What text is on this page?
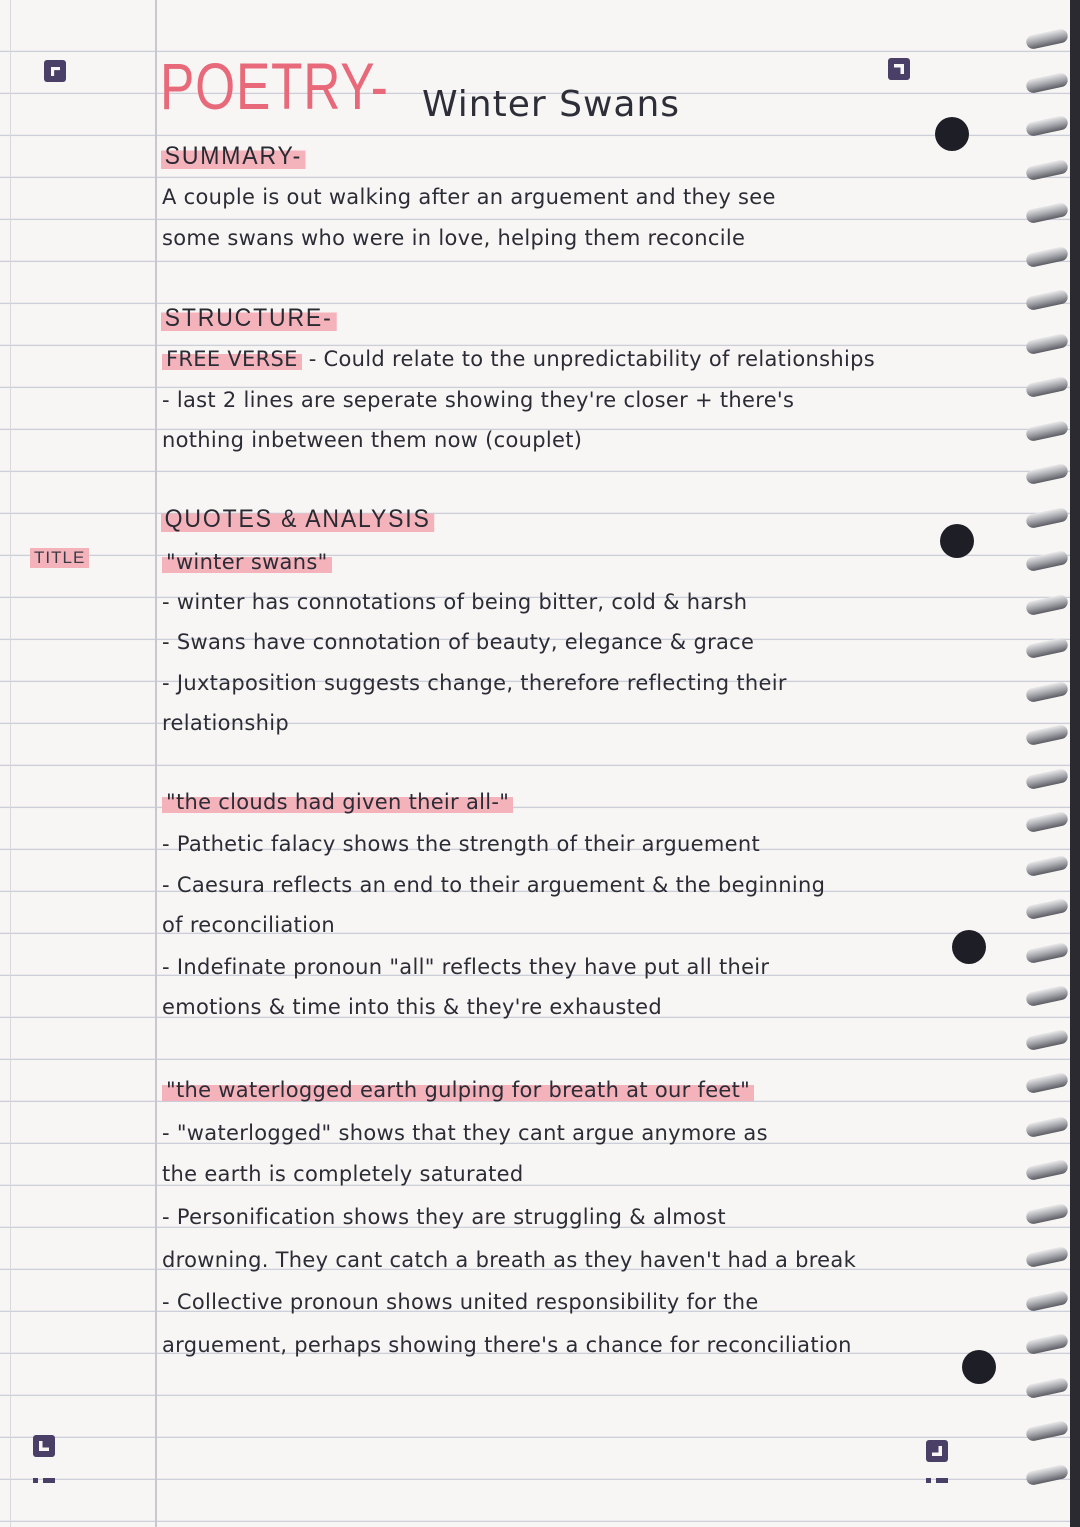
POETRY- Winter Swans
SUMMARY-

A couple is out walking after an arguement and they see

some swans who were in love, helping them reconcile

STRUCTURE-

FREE VERSE - Could relate to the unpredictability of relationships

- last 2 lines are seperate showing they're closer + there's

nothing inbetween them now (couplet)

QUOTES & ANALYSIS
TITLE	"winter swans"

- winter has connotations of being bitter, cold & harsh

- Swans have connotation of beauty, elegance & grace

- Juxtaposition suggests change, therefore reflecting their

relationship

"the clouds had given their all-"

- Pathetic falacy shows the strength of their arguement

- Caesura reflects an end to their arguement & the beginning

of reconciliation

- Indefinate pronoun "all" reflects they have put all their

emotions & time into this & they're exhausted

"the waterlogged earth gulping for breath at our feet"

- "waterlogged" shows that they cant argue anymore as

the earth is completely saturated

- Personification shows they are struggling & almost

drowning. They cant catch a breath as they haven't had a break

- Collective pronoun shows united responsibility for the

arguement, perhaps showing there's a chance for reconciliation
